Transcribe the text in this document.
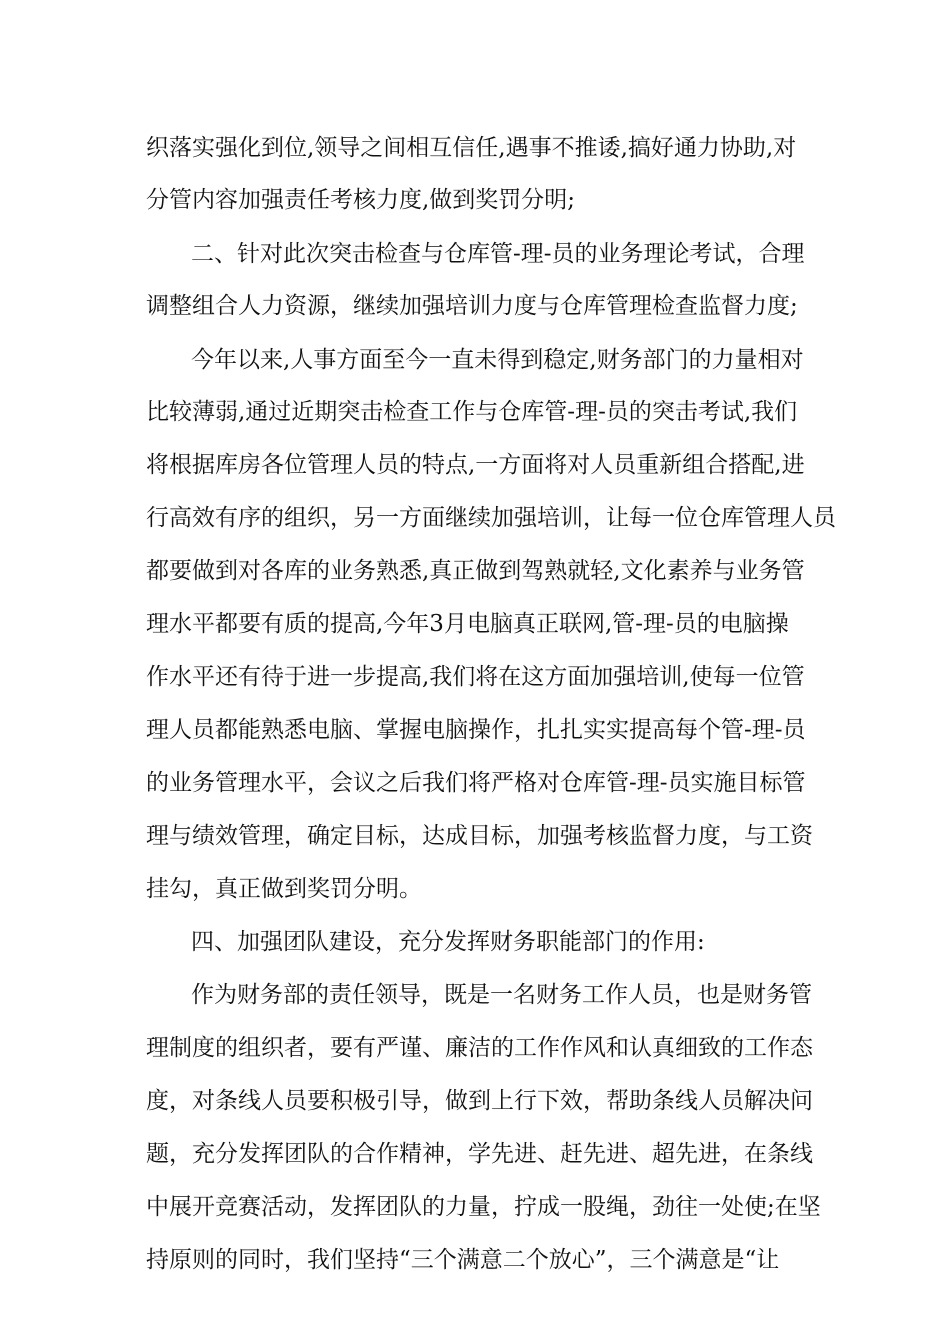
织落实强化到位,领导之间相互信任,遇事不推诿,搞好通力协助,对
分管内容加强责任考核力度,做到奖罚分明;
二、针对此次突击检查与仓库管-理-员的业务理论考试，合理
调整组合人力资源，继续加强培训力度与仓库管理检查监督力度;
今年以来,人事方面至今一直未得到稳定,财务部门的力量相对
比较薄弱,通过近期突击检查工作与仓库管-理-员的突击考试,我们
将根据库房各位管理人员的特点,一方面将对人员重新组合搭配,进
行高效有序的组织，另一方面继续加强培训，让每一位仓库管理人员
都要做到对各库的业务熟悉,真正做到驾熟就轻,文化素养与业务管
理水平都要有质的提高,今年3月电脑真正联网,管-理-员的电脑操
作水平还有待于进一步提高,我们将在这方面加强培训,使每一位管
理人员都能熟悉电脑、掌握电脑操作，扎扎实实提高每个管-理-员
的业务管理水平，会议之后我们将严格对仓库管-理-员实施目标管
理与绩效管理，确定目标，达成目标，加强考核监督力度，与工资
挂勾，真正做到奖罚分明。
四、加强团队建设，充分发挥财务职能部门的作用:
作为财务部的责任领导，既是一名财务工作人员，也是财务管
理制度的组织者，要有严谨、廉洁的工作作风和认真细致的工作态
度，对条线人员要积极引导，做到上行下效，帮助条线人员解决问
题，充分发挥团队的合作精神，学先进、赶先进、超先进，在条线
中展开竞赛活动，发挥团队的力量，拧成一股绳，劲往一处使;在坚
持原则的同时，我们坚持“三个满意二个放心”，三个满意是“让
